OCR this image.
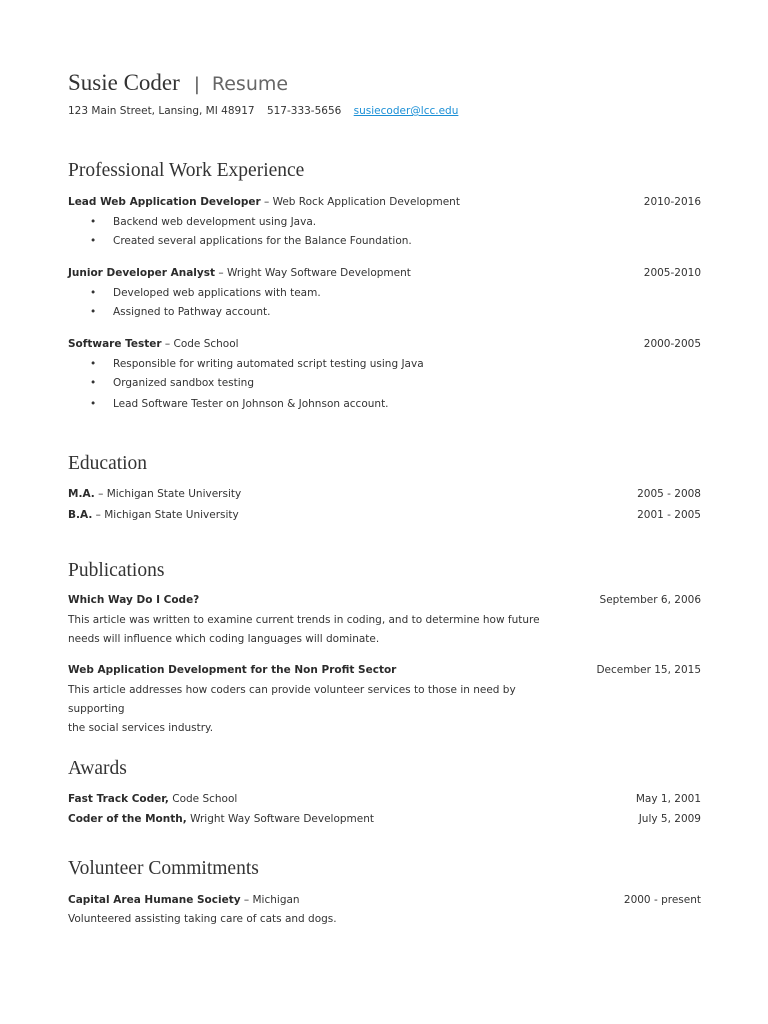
Susie Coder | Resume
123 Main Street, Lansing, MI 48917 517-333-5656 susiecoder@lcc.edu
Professional Work Experience
Lead Web Application Developer – Web Rock Application Development	2010-2016
• Backend web development using Java.
• Created several applications for the Balance Foundation.
Junior Developer Analyst – Wright Way Software Development	2005-2010
• Developed web applications with team.
• Assigned to Pathway account.
Software Tester – Code School	2000-2005
• Responsible for writing automated script testing using Java
• Organized sandbox testing
• Lead Software Tester on Johnson & Johnson account.
Education
M.A. – Michigan State University	2005 - 2008
B.A. – Michigan State University	2001 - 2005
Publications
Which Way Do I Code?	September 6, 2006
This article was written to examine current trends in coding, and to determine how future
needs will influence which coding languages will dominate.
Web Application Development for the Non Profit Sector	December 15, 2015
This article addresses how coders can provide volunteer services to those in need by supporting
the social services industry.
Awards
Fast Track Coder, Code School	May 1, 2001
Coder of the Month, Wright Way Software Development	July 5, 2009
Volunteer Commitments
Capital Area Humane Society – Michigan	2000 - present
Volunteered assisting taking care of cats and dogs.
